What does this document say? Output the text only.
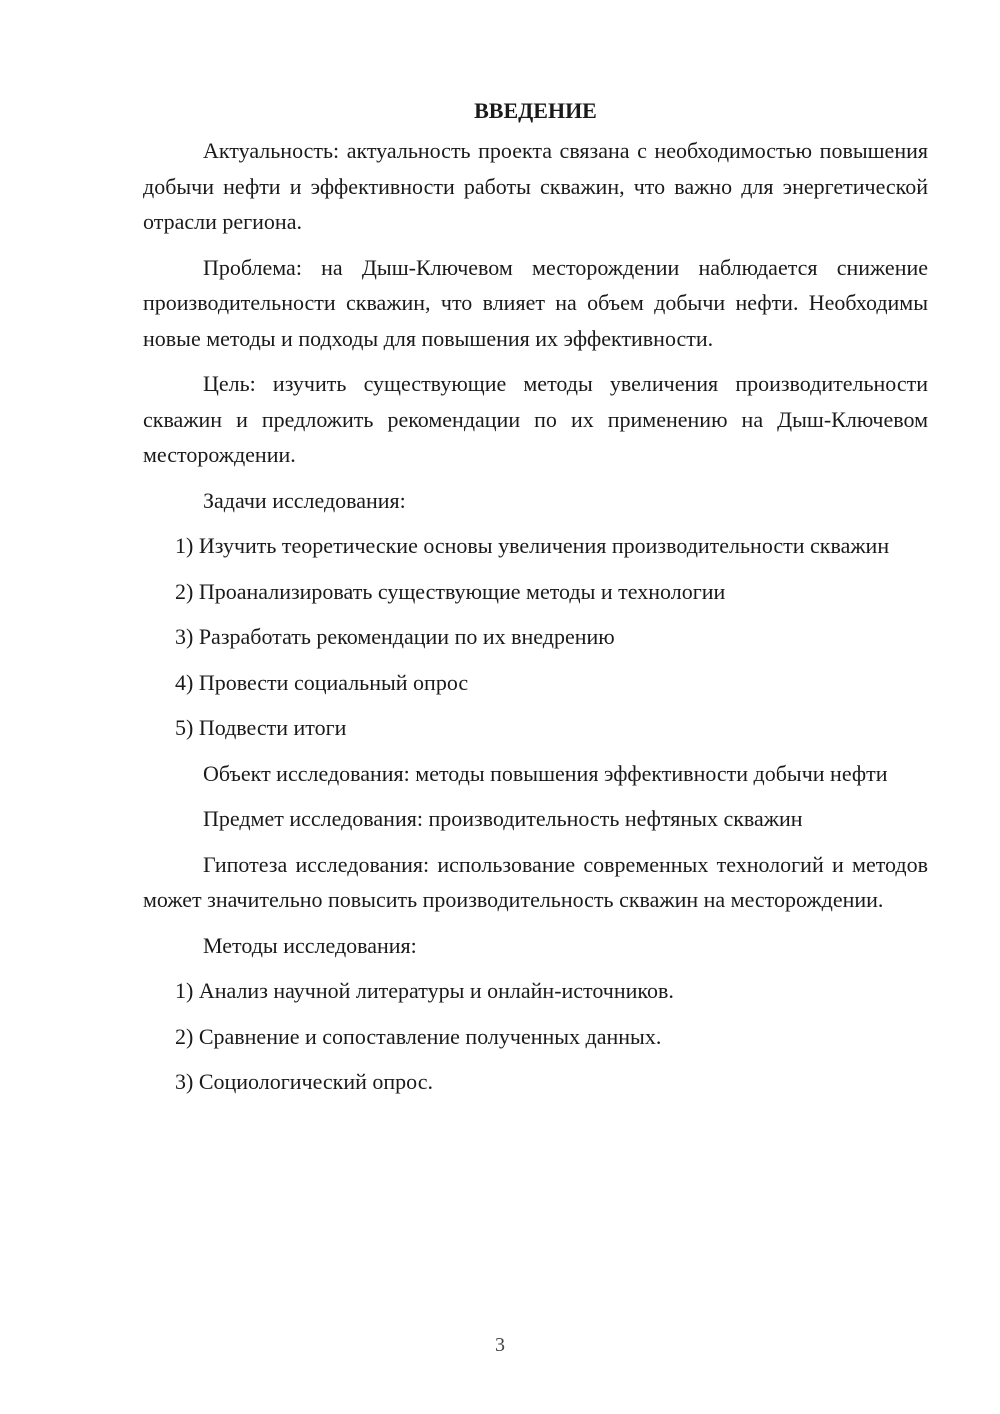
ВВЕДЕНИЕ

Актуальность: актуальность проекта связана с необходимостью повышения добычи нефти и эффективности работы скважин, что важно для энергетической отрасли региона.

Проблема: на Дыш-Ключевом месторождении наблюдается снижение производительности скважин, что влияет на объем добычи нефти. Необходимы новые методы и подходы для повышения их эффективности.

Цель: изучить существующие методы увеличения производительности скважин и предложить рекомендации по их применению на Дыш-Ключевом месторождении.

Задачи исследования:

1) Изучить теоретические основы увеличения производительности скважин

2) Проанализировать существующие методы и технологии

3) Разработать рекомендации по их внедрению

4) Провести социальный опрос

5) Подвести итоги

Объект исследования: методы повышения эффективности добычи нефти

Предмет исследования: производительность нефтяных скважин

Гипотеза исследования: использование современных технологий и методов может значительно повысить производительность скважин на месторождении.

Методы исследования:

1) Анализ научной литературы и онлайн-источников.

2) Сравнение и сопоставление полученных данных.

3) Социологический опрос.

3
